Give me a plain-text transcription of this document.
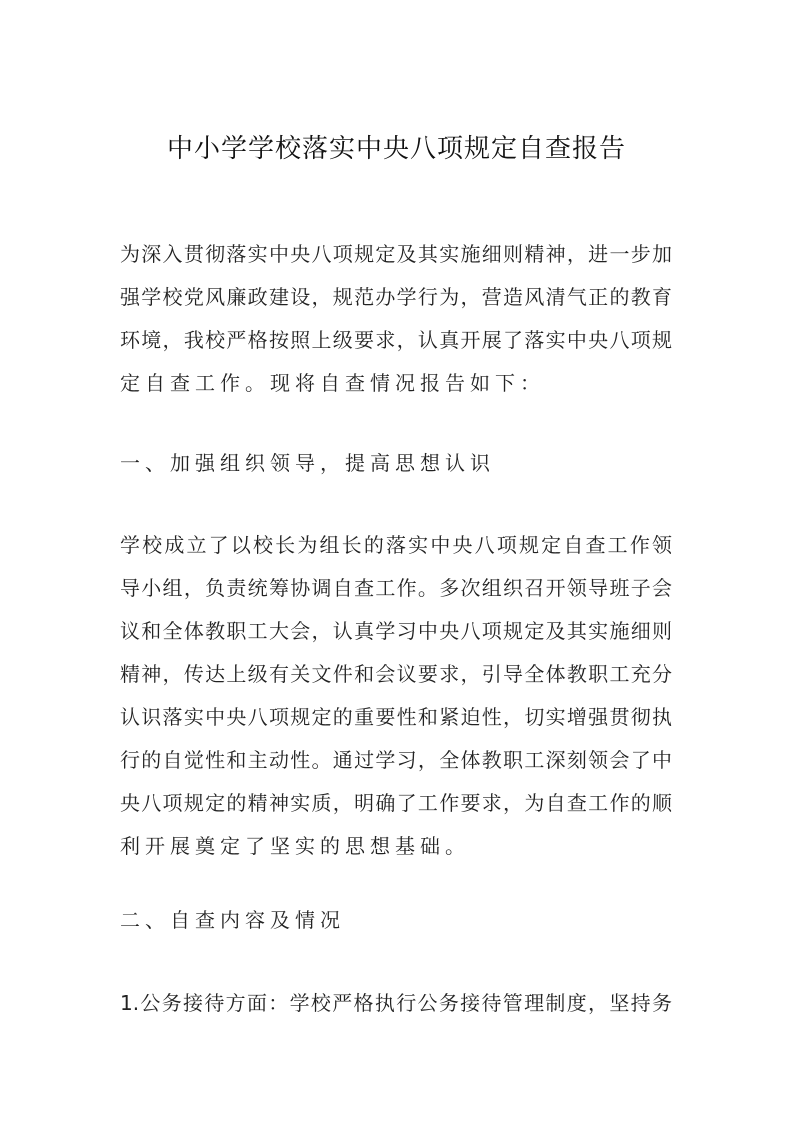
中小学学校落实中央八项规定自查报告
为深入贯彻落实中央八项规定及其实施细则精神，进一步加
强学校党风廉政建设，规范办学行为，营造风清气正的教育
环境，我校严格按照上级要求，认真开展了落实中央八项规
定自查工作。现将自查情况报告如下：
一、加强组织领导，提高思想认识
学校成立了以校长为组长的落实中央八项规定自查工作领
导小组，负责统筹协调自查工作。多次组织召开领导班子会
议和全体教职工大会，认真学习中央八项规定及其实施细则
精神，传达上级有关文件和会议要求，引导全体教职工充分
认识落实中央八项规定的重要性和紧迫性，切实增强贯彻执
行的自觉性和主动性。通过学习，全体教职工深刻领会了中
央八项规定的精神实质，明确了工作要求，为自查工作的顺
利开展奠定了坚实的思想基础。
二、自查内容及情况
1.公务接待方面：学校严格执行公务接待管理制度，坚持务
